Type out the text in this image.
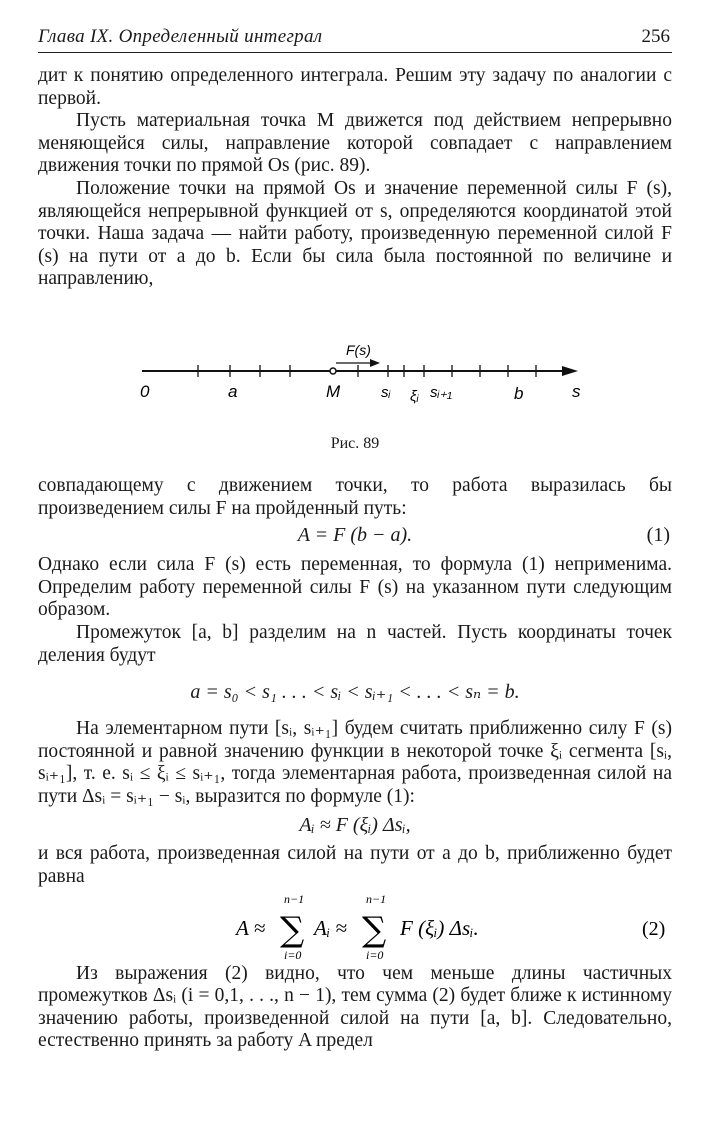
Глава IX. Определенный интеграл	256

дит к понятию определенного интеграла. Решим эту задачу по аналогии с первой.

Пусть материальная точка M движется под действием непрерывно меняющейся силы, направление которой совпадает с направлением движения точки по прямой Os (рис. 89).

Положение точки на прямой Os и значение переменной силы F (s), являющейся непрерывной функцией от s, определяются координатой этой точки. Наша задача — найти работу, произведенную переменной силой F (s) на пути от a до b. Если бы сила была постоянной по величине и направлению,

F(s)
0	a	M	sᵢ ξᵢ sᵢ₊₁	b	s
Рис. 89

совпадающему с движением точки, то работа выразилась бы произведением силы F на пройденный путь:

A = F (b − a).	(1)

Однако если сила F (s) есть переменная, то формула (1) неприменима. Определим работу переменной силы F (s) на указанном пути следующим образом.

Промежуток [a, b] разделим на n частей. Пусть координаты точек деления будут

a = s₀ < s₁ . . . < sᵢ < sᵢ₊₁ < . . . < sₙ = b.

На элементарном пути [sᵢ, sᵢ₊₁] будем считать приближенно силу F (s) постоянной и равной значению функции в некоторой точке ξᵢ сегмента [sᵢ, sᵢ₊₁], т. е. sᵢ ≤ ξᵢ ≤ sᵢ₊₁, тогда элементарная работа, произведенная силой на пути Δsᵢ = sᵢ₊₁ − sᵢ, выразится по формуле (1):

Aᵢ ≈ F (ξᵢ) Δsᵢ,

и вся работа, произведенная силой на пути от a до b, приближенно будет равна

A ≈
n−1
i=0
∑ Aᵢ ≈
n−1
i=0
∑ F (ξᵢ) Δsᵢ.	(2)

Из выражения (2) видно, что чем меньше длины частичных промежутков Δsᵢ (i = 0,1, . . ., n − 1), тем сумма (2) будет ближе к истинному значению работы, произведенной силой на пути [a, b]. Следовательно, естественно принять за работу A предел
